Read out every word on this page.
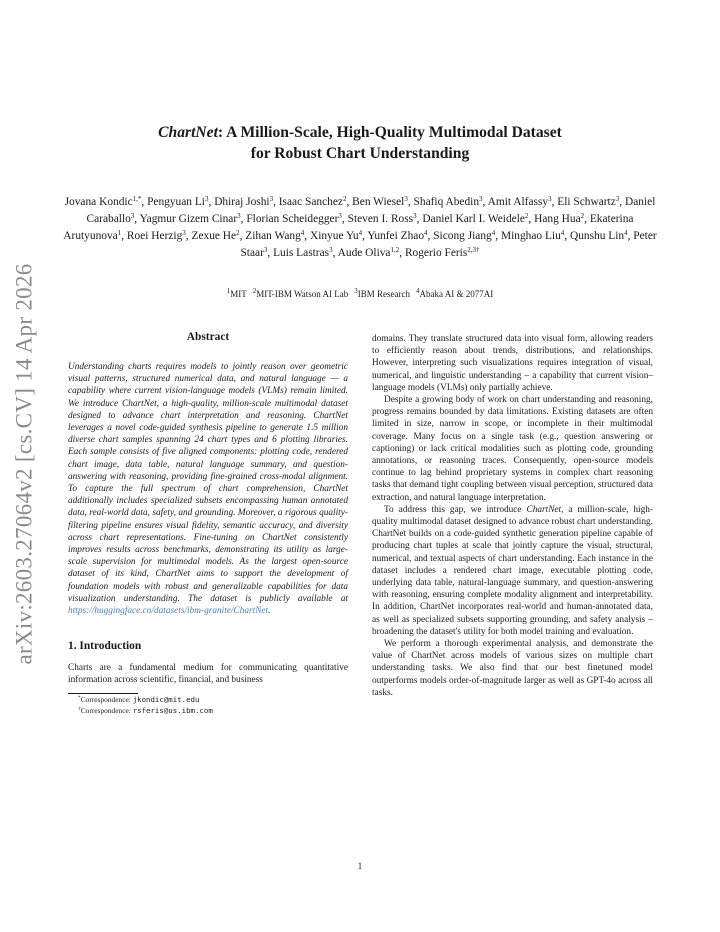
arXiv:2603.27064v2 [cs.CV] 14 Apr 2026
ChartNet: A Million-Scale, High-Quality Multimodal Dataset
for Robust Chart Understanding
Jovana Kondic$^{1,*}$, Pengyuan Li$^3$, Dhiraj Joshi$^3$, Isaac Sanchez$^2$, Ben Wiesel$^3$, Shafiq Abedin$^3$, Amit Alfassy$^3$, Eli Schwartz$^3$, Daniel Caraballo$^3$, Yagmur Gizem Cinar$^3$, Florian Scheidegger$^3$, Steven I. Ross$^3$, Daniel Karl I. Weidele$^2$, Hang Hua$^2$, Ekaterina Arutyunova$^1$, Roei Herzig$^3$, Zexue He$^2$, Zihan Wang$^4$, Xinyue Yu$^4$, Yunfei Zhao$^4$, Sicong Jiang$^4$, Minghao Liu$^4$, Qunshu Lin$^4$, Peter Staar$^3$, Luis Lastras$^3$, Aude Oliva$^{1,2}$, Rogerio Feris$^{2,3\dagger}$
$^1$MIT $^2$MIT-IBM Watson AI Lab $^3$IBM Research $^4$Abaka AI & 2077AI
Abstract

Understanding charts requires models to jointly reason over geometric visual patterns, structured numerical data, and natural language — a capability where current vision-language models (VLMs) remain limited. We introduce ChartNet, a high-quality, million-scale multimodal dataset designed to advance chart interpretation and reasoning. ChartNet leverages a novel code-guided synthesis pipeline to generate 1.5 million diverse chart samples spanning 24 chart types and 6 plotting libraries. Each sample consists of five aligned components: plotting code, rendered chart image, data table, natural language summary, and question-answering with reasoning, providing fine-grained cross-modal alignment. To capture the full spectrum of chart comprehension, ChartNet additionally includes specialized subsets encompassing human annotated data, real-world data, safety, and grounding. Moreover, a rigorous quality-filtering pipeline ensures visual fidelity, semantic accuracy, and diversity across chart representations. Fine-tuning on ChartNet consistently improves results across benchmarks, demonstrating its utility as large-scale supervision for multimodal models. As the largest open-source dataset of its kind, ChartNet aims to support the development of foundation models with robust and generalizable capabilities for data visualization understanding. The dataset is publicly available at https://huggingface.co/datasets/ibm-granite/ChartNet.

1. Introduction

Charts are a fundamental medium for communicating quantitative information across scientific, financial, and business

*Correspondence: jkondic@mit.edu
†Correspondence: rsferis@us.ibm.com

domains. They translate structured data into visual form, allowing readers to efficiently reason about trends, distributions, and relationships. However, interpreting such visualizations requires integration of visual, numerical, and linguistic understanding – a capability that current vision–language models (VLMs) only partially achieve.

Despite a growing body of work on chart understanding and reasoning, progress remains bounded by data limitations. Existing datasets are often limited in size, narrow in scope, or incomplete in their multimodal coverage. Many focus on a single task (e.g., question answering or captioning) or lack critical modalities such as plotting code, grounding annotations, or reasoning traces. Consequently, open-source models continue to lag behind proprietary systems in complex chart reasoning tasks that demand tight coupling between visual perception, structured data extraction, and natural language interpretation.

To address this gap, we introduce ChartNet, a million-scale, high-quality multimodal dataset designed to advance robust chart understanding. ChartNet builds on a code-guided synthetic generation pipeline capable of producing chart tuples at scale that jointly capture the visual, structural, numerical, and textual aspects of chart understanding. Each instance in the dataset includes a rendered chart image, executable plotting code, underlying data table, natural-language summary, and question-answering with reasoning, ensuring complete modality alignment and interpretability. In addition, ChartNet incorporates real-world and human-annotated data, as well as specialized subsets supporting grounding, and safety analysis – broadening the dataset's utility for both model training and evaluation.

We perform a thorough experimental analysis, and demonstrate the value of ChartNet across models of various sizes on multiple chart understanding tasks. We also find that our best finetuned model outperforms models order-of-magnitude larger as well as GPT-4o across all tasks.

1
